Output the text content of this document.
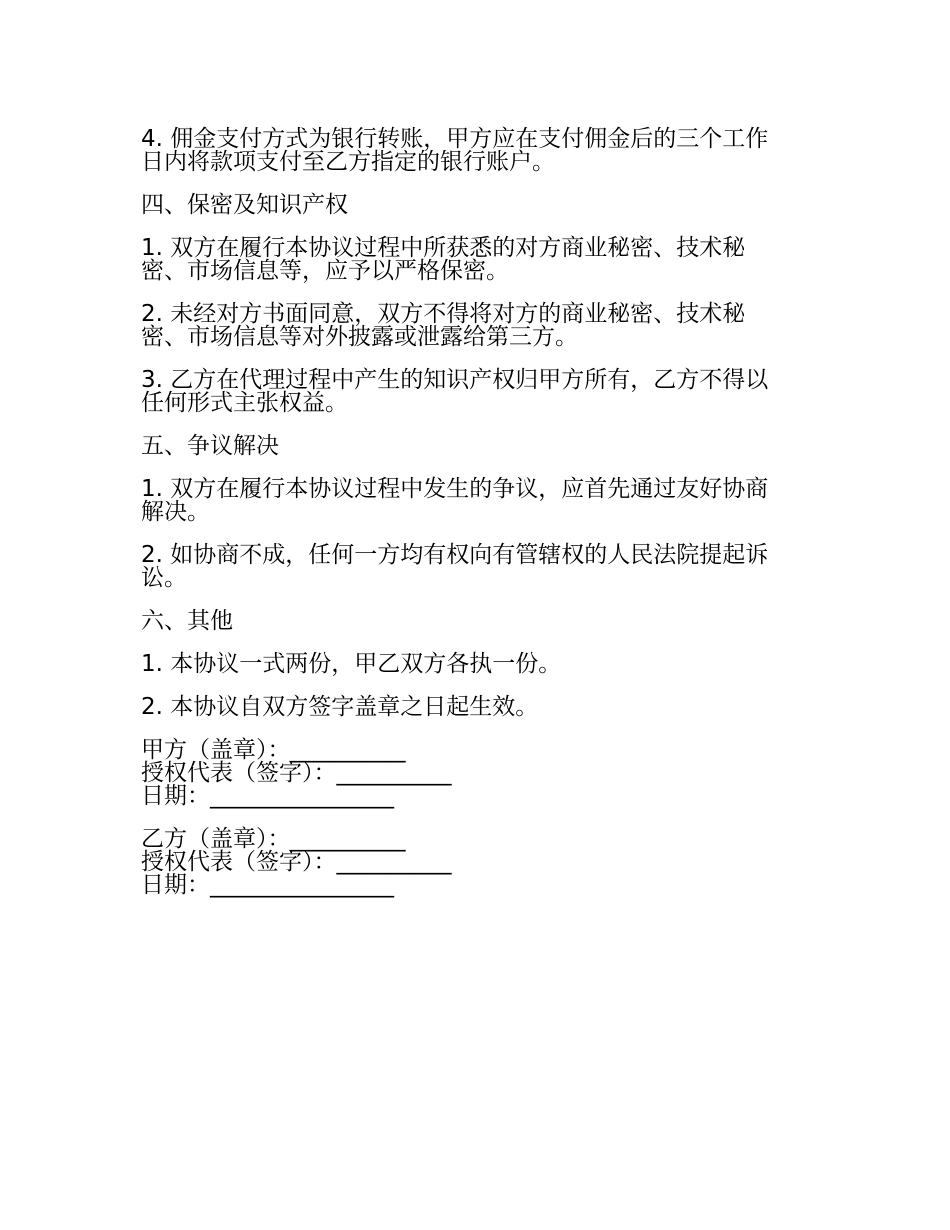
4. 佣金支付方式为银行转账，甲方应在支付佣金后的三个工作日内将款项支付至乙方指定的银行账户。

四、保密及知识产权

1. 双方在履行本协议过程中所获悉的对方商业秘密、技术秘密、市场信息等，应予以严格保密。

2. 未经对方书面同意，双方不得将对方的商业秘密、技术秘密、市场信息等对外披露或泄露给第三方。

3. 乙方在代理过程中产生的知识产权归甲方所有，乙方不得以任何形式主张权益。

五、争议解决

1. 双方在履行本协议过程中发生的争议，应首先通过友好协商解决。

2. 如协商不成，任何一方均有权向有管辖权的人民法院提起诉讼。

六、其他

1. 本协议一式两份，甲乙双方各执一份。

2. 本协议自双方签字盖章之日起生效。

甲方（盖章）：__________
授权代表（签字）：__________
日期：________________
乙方（盖章）：__________
授权代表（签字）：__________
日期：________________
